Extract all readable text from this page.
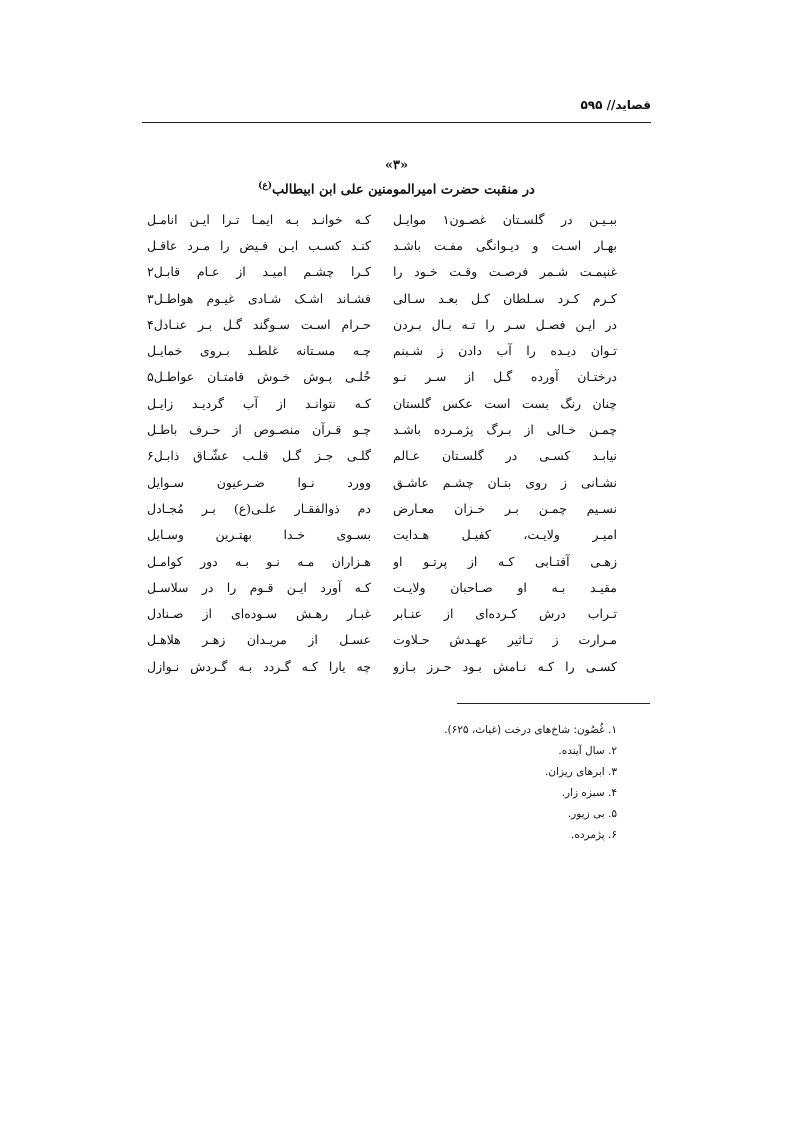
قصاید// ۵۹۵
«۳»
در منقبت حضرت امیرالمومنین علی ابن ابیطالب$^{(ع)}$
ببـیـن در گلسـتان غصـون۱ موایـل
کـه خوانـد بـه ایمـا تـرا ایـن انامـل
بهـار اسـت و دیـوانگی مفـت باشـد
کنـد کسـب ایـن فـیض را مـرد عاقـل
غنیمـت شـمر فرصـت وقـت خـود را
کـرا چشـم امیـد از عـام قابـل۲
کـرم کـرد سـلطان کـل بعـد سـالی
فشـاند اشـک شـادی غیـوم هواطـل۳
در ایـن فصـل سـر را تـه بـال بـردن
حـرام اسـت سـوگند گـل بـر عنـادل۴
تـوان دیـده را آب دادن ز شـبنم
چـه مسـتانه غلطـد بـروی خمایـل
درختـان آورده گـل از سـر نـو
حُلـی پـوش خـوش قامتـان عواطـل۵
چنان رنگ بست است عکس گلستان
کـه نتوانـد از آب گردیـد زایـل
چمـن خـالی از بـرگ پژمـرده باشـد
چـو قـرآن منصـوص از حـرف باطـل
نیابـد کسـی در گلسـتان عـالم
گلـی جـز گـل قلـب عشّـاق ذابـل۶
نشـانی ز روی بتـان چشـم عاشـق
وورد نـوا ضـرعیون سـوایل
نسـیم چمـن بـر خـزان معـارض
دم ذوالفقـار علـی(ع) بـر مُجـادل
امیـر ولایـت، کفیـل هـدایت
بسـوی خـدا بهتـرین وسـایل
زهـی آفتـابی کـه از پرتـو او
هـزاران مـه نـو بـه دور کوامـل
مقیـد بـه او صـاحبان ولایـت
کـه آورد ایـن قـوم را در سلاسـل
تـراب درش کـرده‌ای از عنـابر
غبـار رهـش سـوده‌ای از صـنادل
مـرارت ز تـاثیر عهـدش حـلاوت
عسـل از مریـدان زهـر هلاهـل
کسـی را کـه نـامش بـود حـرز بـازو
چه یارا کـه گـردد بـه گـردش نـوازل
۱. غُصُون: شاخ‌های درخت (غیاث، ۶۲۵).
۲. سال آینده.
۳. ابرهای ریزان.
۴. سبزه زار.
۵. بی زیور.
۶. پژمرده.
